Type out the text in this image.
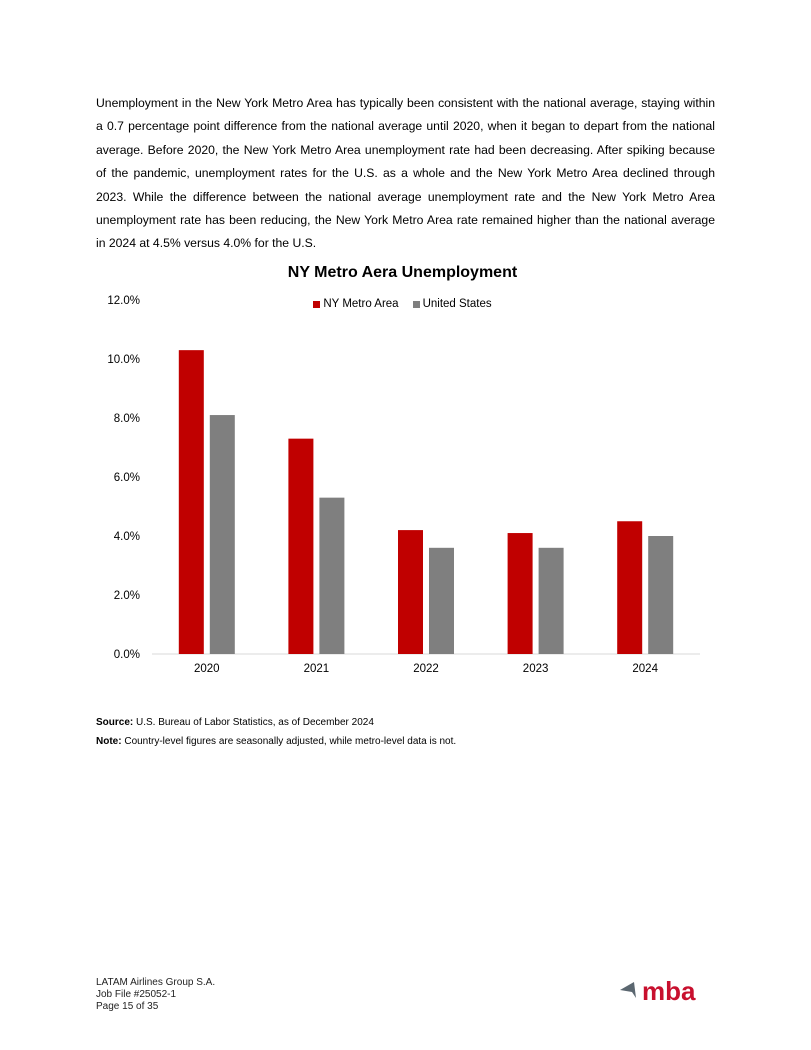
Unemployment in the New York Metro Area has typically been consistent with the national average, staying within a 0.7 percentage point difference from the national average until 2020, when it began to depart from the national average. Before 2020, the New York Metro Area unemployment rate had been decreasing. After spiking because of the pandemic, unemployment rates for the U.S. as a whole and the New York Metro Area declined through 2023. While the difference between the national average unemployment rate and the New York Metro Area unemployment rate has been reducing, the New York Metro Area rate remained higher than the national average in 2024 at 4.5% versus 4.0% for the U.S.

0.0%
2.0%
4.0%
6.0%
8.0%
10.0%
12.0%
2020	2021	2022	2023	2024
NY Metro Aera Unemployment
NY Metro Area United States
Source: U.S. Bureau of Labor Statistics, as of December 2024
Note: Country-level figures are seasonally adjusted, while metro-level data is not.
LATAM Airlines Group S.A.
Job File #25052-1
Page 15 of 35
mba
